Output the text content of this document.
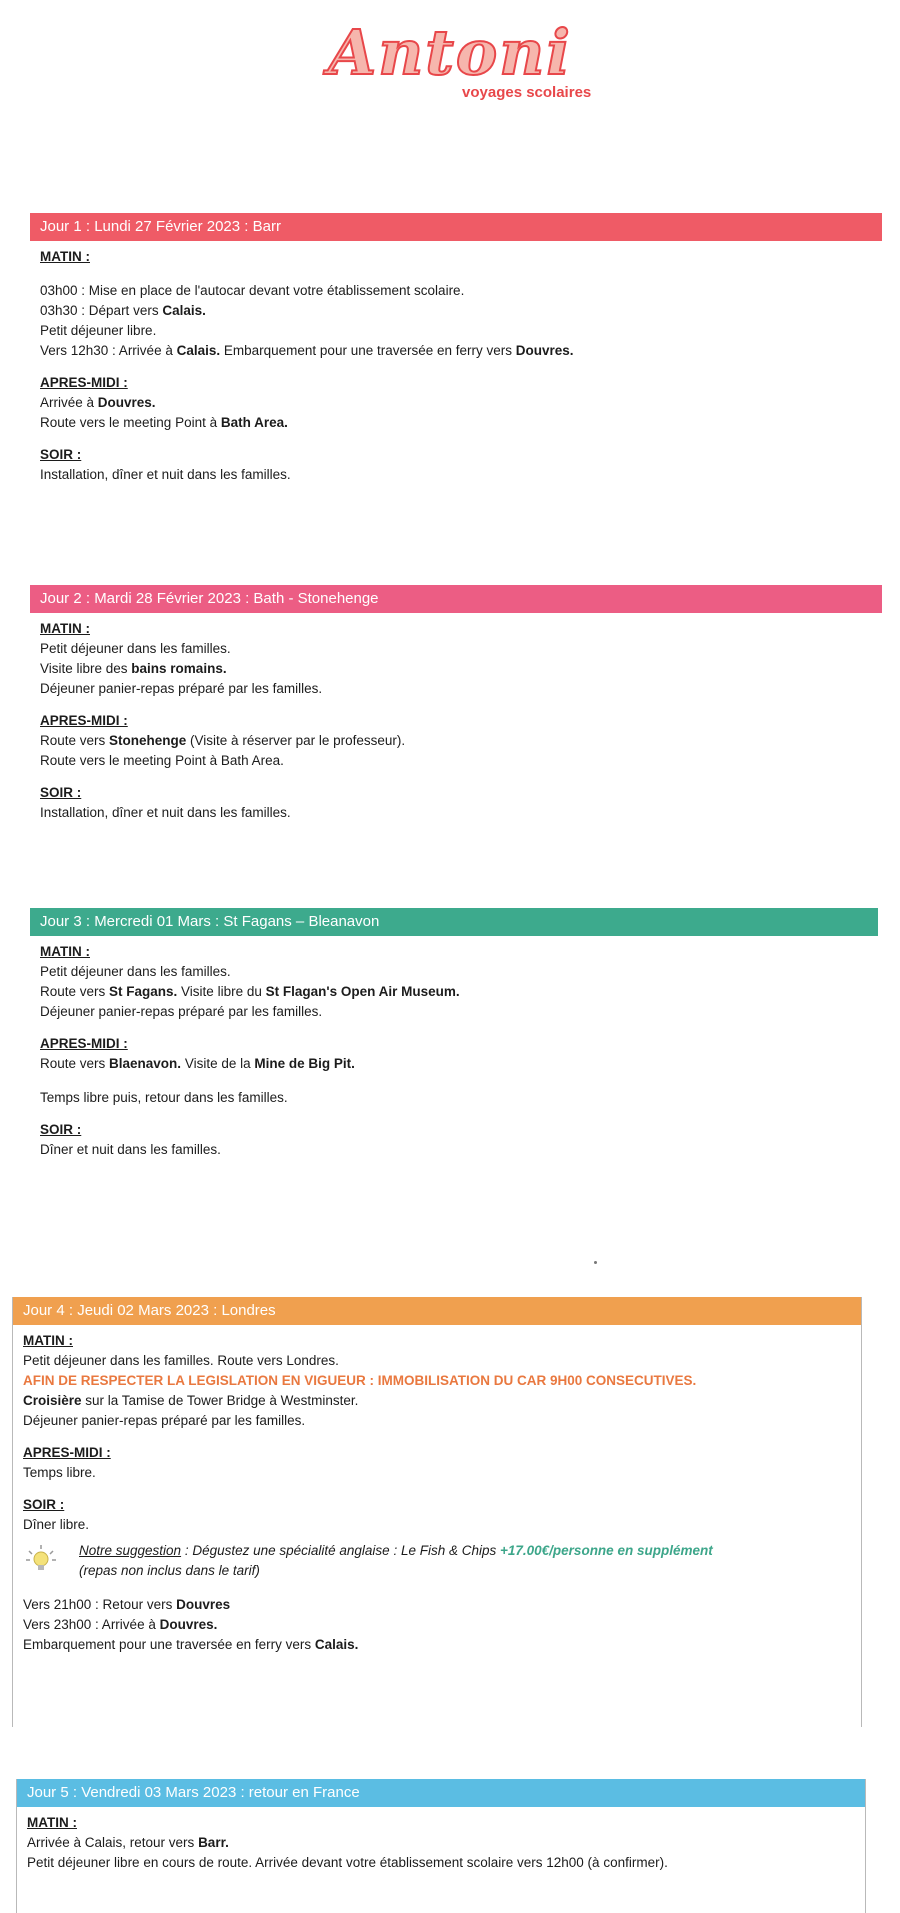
Antoni
voyages scolaires
Jour 1 : Lundi 27 Février 2023 : Barr
MATIN :
03h00 : Mise en place de l'autocar devant votre établissement scolaire.
03h30 : Départ vers Calais.
Petit déjeuner libre.
Vers 12h30 : Arrivée à Calais. Embarquement pour une traversée en ferry vers Douvres.
APRES-MIDI :
Arrivée à Douvres.
Route vers le meeting Point à Bath Area.
SOIR :
Installation, dîner et nuit dans les familles.
Jour 2 : Mardi 28 Février 2023 : Bath - Stonehenge
MATIN :
Petit déjeuner dans les familles.
Visite libre des bains romains.
Déjeuner panier-repas préparé par les familles.
APRES-MIDI :
Route vers Stonehenge (Visite à réserver par le professeur).
Route vers le meeting Point à Bath Area.
SOIR :
Installation, dîner et nuit dans les familles.
Jour 3 : Mercredi 01 Mars : St Fagans – Bleanavon
MATIN :
Petit déjeuner dans les familles.
Route vers St Fagans. Visite libre du St Flagan's Open Air Museum.
Déjeuner panier-repas préparé par les familles.
APRES-MIDI :
Route vers Blaenavon. Visite de la Mine de Big Pit.
Temps libre puis, retour dans les familles.
SOIR :
Dîner et nuit dans les familles.
Jour 4 : Jeudi 02 Mars 2023 : Londres
MATIN :
Petit déjeuner dans les familles. Route vers Londres.
AFIN DE RESPECTER LA LEGISLATION EN VIGUEUR : IMMOBILISATION DU CAR 9H00 CONSECUTIVES.
Croisière sur la Tamise de Tower Bridge à Westminster.
Déjeuner panier-repas préparé par les familles.
APRES-MIDI :
Temps libre.
SOIR :
Dîner libre.
Notre suggestion : Dégustez une spécialité anglaise : Le Fish & Chips +17.00€/personne en supplément
(repas non inclus dans le tarif)
Vers 21h00 : Retour vers Douvres
Vers 23h00 : Arrivée à Douvres.
Embarquement pour une traversée en ferry vers Calais.
Jour 5 : Vendredi 03 Mars 2023 : retour en France
MATIN :
Arrivée à Calais, retour vers Barr.
Petit déjeuner libre en cours de route. Arrivée devant votre établissement scolaire vers 12h00 (à confirmer).
